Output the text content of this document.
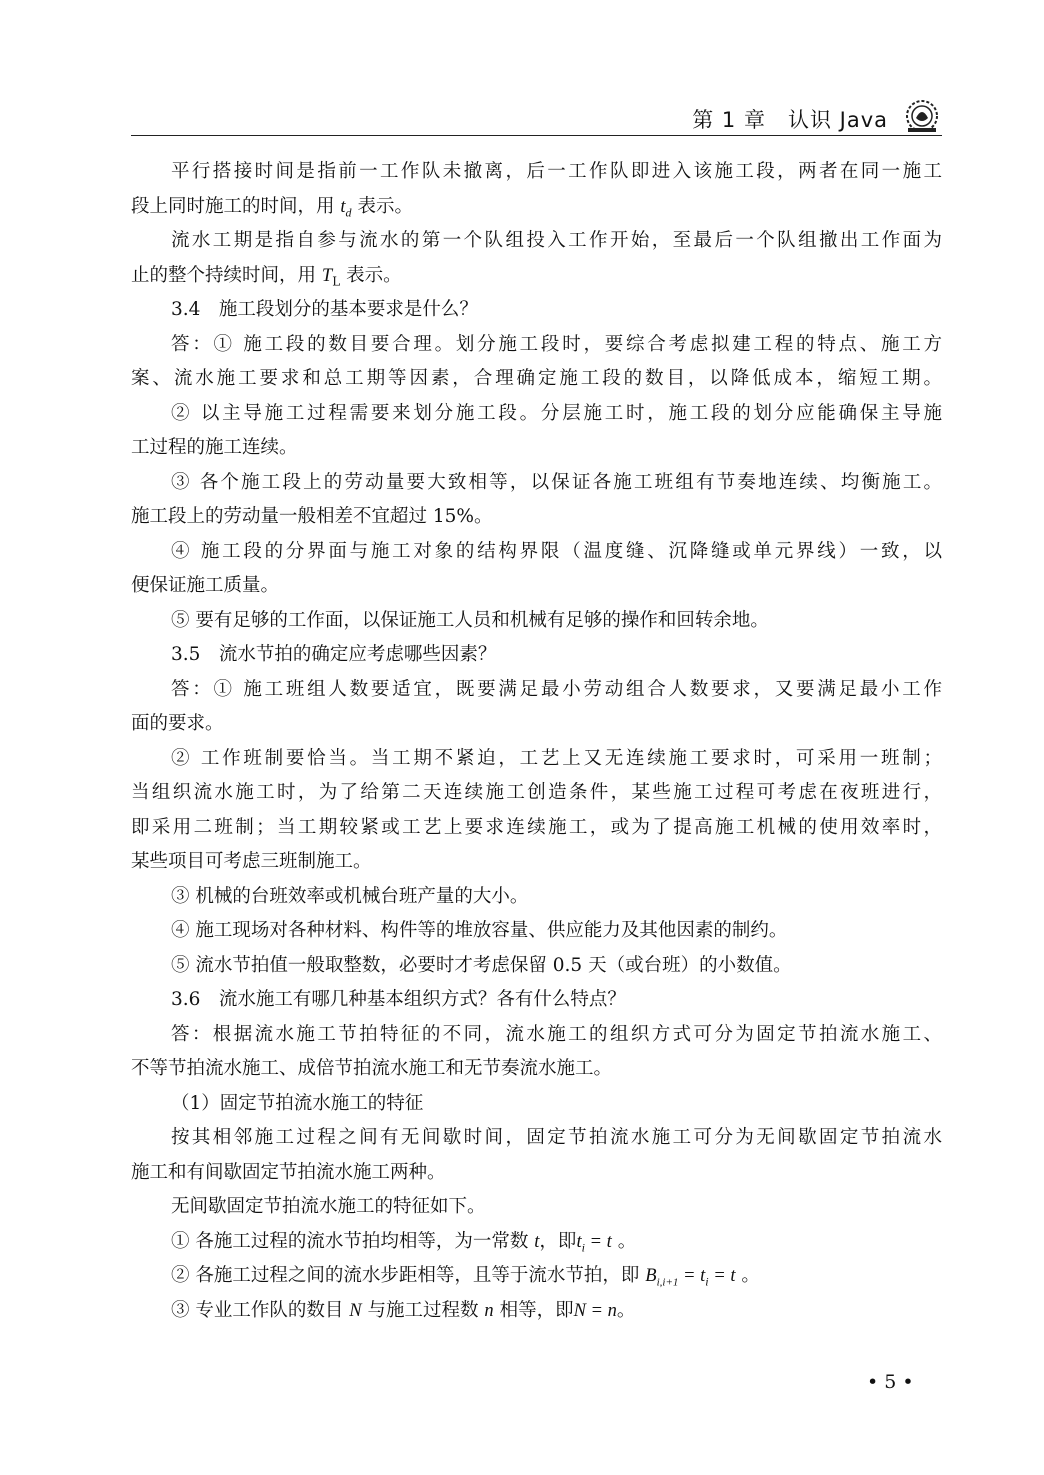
第 1 章　 认识 Java
平行搭接时间是指前一工作队未撤离，后一工作队即进入该施工段，两者在同一施工
段上同时施工的时间，用 $t_d$ 表示。
流水工期是指自参与流水的第一个队组投入工作开始，至最后一个队组撤出工作面为
止的整个持续时间，用 $T_L$ 表示。
3.4　施工段划分的基本要求是什么？
答：① 施工段的数目要合理。划分施工段时，要综合考虑拟建工程的特点、施工方
案、流水施工要求和总工期等因素，合理确定施工段的数目，以降低成本，缩短工期。
② 以主导施工过程需要来划分施工段。分层施工时，施工段的划分应能确保主导施
工过程的施工连续。
③ 各个施工段上的劳动量要大致相等，以保证各施工班组有节奏地连续、均衡施工。
施工段上的劳动量一般相差不宜超过 15%。
④ 施工段的分界面与施工对象的结构界限（温度缝、沉降缝或单元界线）一致，以
便保证施工质量。
⑤ 要有足够的工作面，以保证施工人员和机械有足够的操作和回转余地。
3.5　流水节拍的确定应考虑哪些因素？
答：① 施工班组人数要适宜，既要满足最小劳动组合人数要求，又要满足最小工作
面的要求。
② 工作班制要恰当。当工期不紧迫，工艺上又无连续施工要求时，可采用一班制；
当组织流水施工时，为了给第二天连续施工创造条件，某些施工过程可考虑在夜班进行，
即采用二班制；当工期较紧或工艺上要求连续施工，或为了提高施工机械的使用效率时，
某些项目可考虑三班制施工。
③ 机械的台班效率或机械台班产量的大小。
④ 施工现场对各种材料、构件等的堆放容量、供应能力及其他因素的制约。
⑤ 流水节拍值一般取整数，必要时才考虑保留 0.5 天（或台班）的小数值。
3.6　流水施工有哪几种基本组织方式？各有什么特点？
答：根据流水施工节拍特征的不同，流水施工的组织方式可分为固定节拍流水施工、
不等节拍流水施工、成倍节拍流水施工和无节奏流水施工。
（1）固定节拍流水施工的特征
按其相邻施工过程之间有无间歇时间，固定节拍流水施工可分为无间歇固定节拍流水
施工和有间歇固定节拍流水施工两种。
无间歇固定节拍流水施工的特征如下。
① 各施工过程的流水节拍均相等，为一常数 t，即$t_i = t$ 。
② 各施工过程之间的流水步距相等，且等于流水节拍，即 $B_{i,i+1} = t_i = t$ 。
③ 专业工作队的数目 N 与施工过程数 n 相等，即N = n。
• 5 •
